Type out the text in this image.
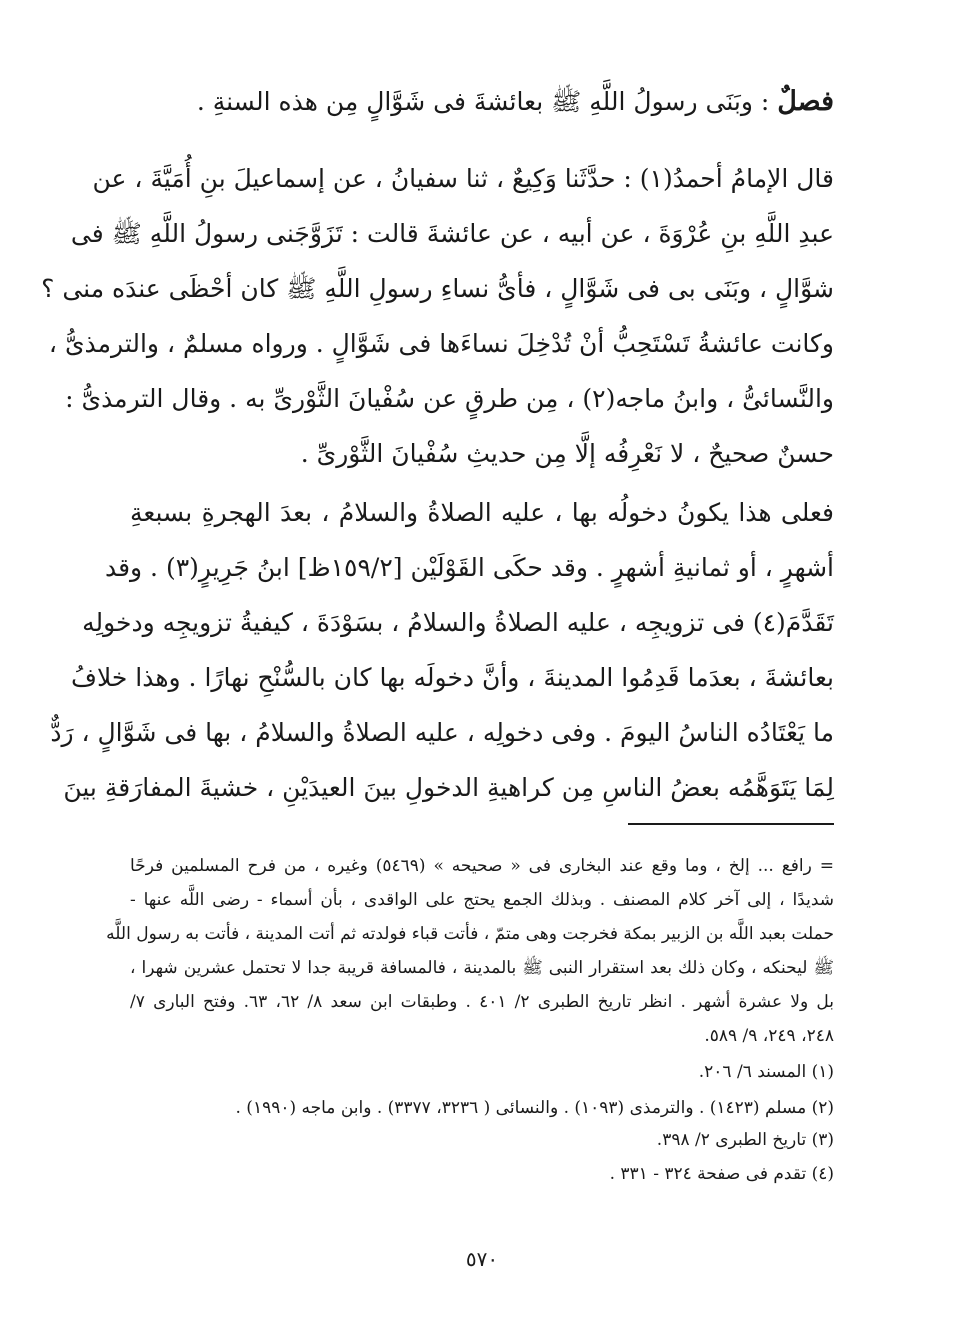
فصلٌ : وبَنَى رسولُ اللَّهِ ﷺ بعائشةَ فى شَوَّالٍ مِن هذه السنةِ .
قال الإمامُ أحمدُ(١) : حدَّثَنا وَكِيعٌ ، ثنا سفيانُ ، عن إسماعيلَ بنِ أُمَيَّةَ ، عن
عبدِ اللَّهِ بنِ عُرْوَةَ ، عن أبيه ، عن عائشةَ قالت : تَزَوَّجَنى رسولُ اللَّهِ ﷺ فى
شوَّالٍ ، وبَنَى بى فى شَوَّالٍ ، فأىُّ نساءِ رسولِ اللَّهِ ﷺ كان أحْظَى عندَه منى ؟
وكانت عائشةُ تَسْتَحِبُّ أنْ تُدْخِلَ نساءَها فى شَوَّالٍ . ورواه مسلمٌ ، والترمذىُّ ،
والنَّسائىُّ ، وابنُ ماجه(٢) ، مِن طرقٍ عن سُفْيانَ الثَّوْرىِّ به . وقال الترمذىُّ :
حسنٌ صحيحٌ ، لا نَعْرِفُه إلَّا مِن حديثِ سُفْيانَ الثَّوْرىِّ .
فعلى هذا يكونُ دخولُه بها ، عليه الصلاةُ والسلامُ ، بعدَ الهجرةِ بسبعةِ
أشهرٍ ، أو ثمانيةِ أشهرٍ . وقد حكَى القَوْلَيْن [١٥٩/٢ظ] ابنُ جَرِيرٍ(٣) . وقد
تَقَدَّمَ(٤) فى تزويجِه ، عليه الصلاةُ والسلامُ ، بسَوْدَةَ ، كيفيةُ تزويجِه ودخولِه
بعائشةَ ، بعدَما قَدِمُوا المدينةَ ، وأنَّ دخولَه بها كان بالسُّنْحِ نهارًا . وهذا خلافُ
ما يَعْتَادُه الناسُ اليومَ . وفى دخولِه ، عليه الصلاةُ والسلامُ ، بها فى شَوَّالٍ ، رَدٌّ
لِمَا يَتَوَهَّمُه بعضُ الناسِ مِن كراهيةِ الدخولِ بينَ العيدَيْنِ ، خشيةَ المفارَقةِ بينَ
= رافع ... إلخ ، وما وقع عند البخارى فى « صحيحه » (٥٤٦٩) وغيره ، من فرح المسلمين فرحًا
شديدًا ، إلى آخر كلام المصنف . وبذلك الجمع يحتج على الواقدى ، بأن أسماء - رضى اللَّه عنها -
حملت بعبد اللَّه بن الزبير بمكة فخرجت وهى متمّ ، فأتت قباء فولدته ثم أتت المدينة ، فأتت به رسول اللَّه
ﷺ ليحنكه ، وكان ذلك بعد استقرار النبى ﷺ بالمدينة ، فالمسافة قريبة جدا لا تحتمل عشرين شهرا ،
بل ولا عشرة أشهر . انظر تاريخ الطبرى ٢/ ٤٠١ . وطبقات ابن سعد ٨/ ٦٢، ٦٣. وفتح البارى ٧/
٢٤٨، ٢٤٩، ٩/ ٥٨٩.
(١) المسند ٦/ ٢٠٦.
(٢) مسلم (١٤٢٣) . والترمذى (١٠٩٣) . والنسائى ( ٣٢٣٦، ٣٣٧٧) . وابن ماجه (١٩٩٠) .
(٣) تاريخ الطبرى ٢/ ٣٩٨.
(٤) تقدم فى صفحة ٣٢٤ - ٣٣١ .
٥٧٠
